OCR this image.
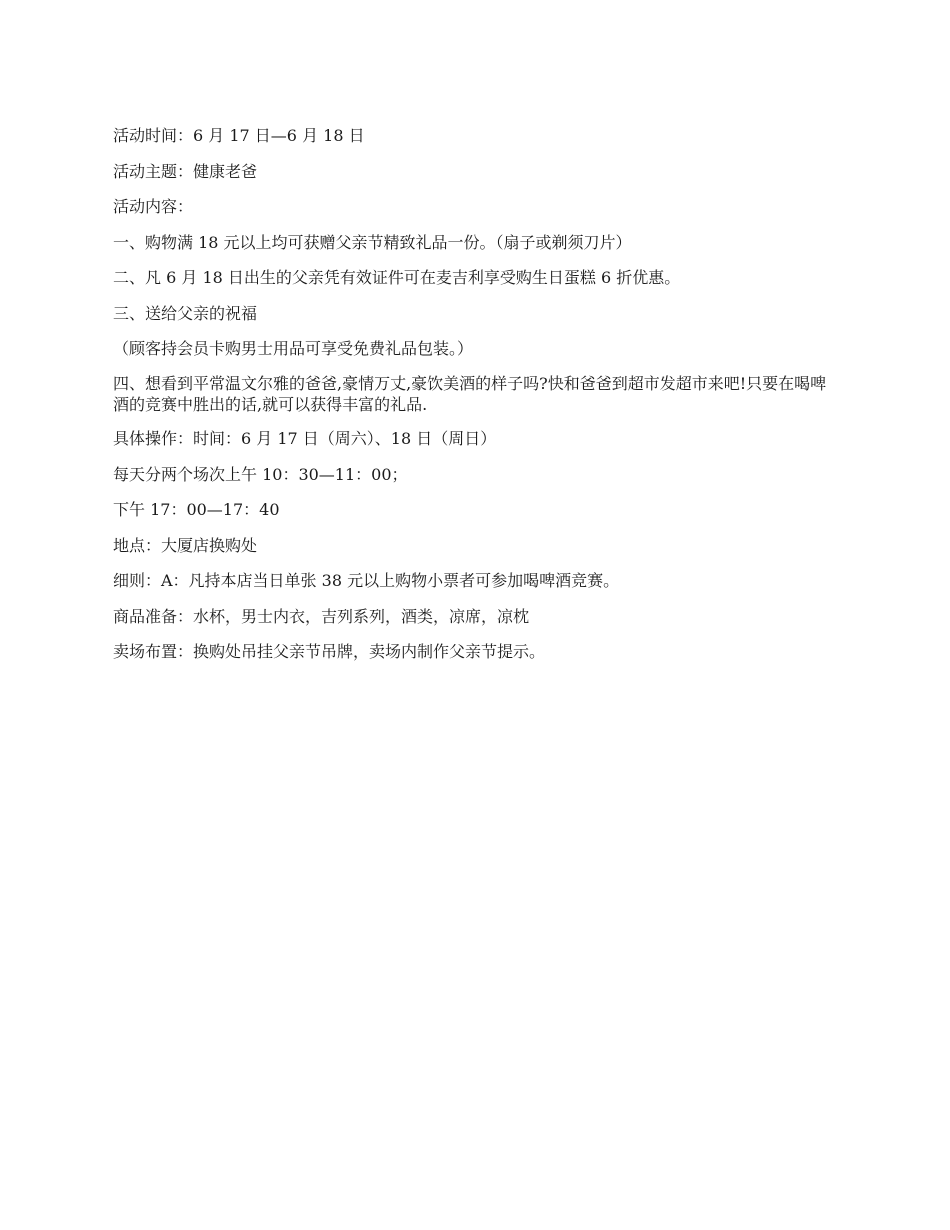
活动时间：6 月 17 日—6 月 18 日

活动主题：健康老爸

活动内容：

一、购物满 18 元以上均可获赠父亲节精致礼品一份。（扇子或剃须刀片）

二、凡 6 月 18 日出生的父亲凭有效证件可在麦吉利享受购生日蛋糕 6 折优惠。

三、送给父亲的祝福

（顾客持会员卡购男士用品可享受免费礼品包装。）

四、想看到平常温文尔雅的爸爸,豪情万丈,豪饮美酒的样子吗?快和爸爸到超市发超市来吧!只要在喝啤酒的竞赛中胜出的话,就可以获得丰富的礼品.

具体操作：时间：6 月 17 日（周六）、18 日（周日）

每天分两个场次上午 10：30—11：00；

下午 17：00—17：40

地点：大厦店换购处

细则：A：凡持本店当日单张 38 元以上购物小票者可参加喝啤酒竞赛。

商品准备：水杯，男士内衣，吉列系列，酒类，凉席，凉枕

卖场布置：换购处吊挂父亲节吊牌，卖场内制作父亲节提示。
